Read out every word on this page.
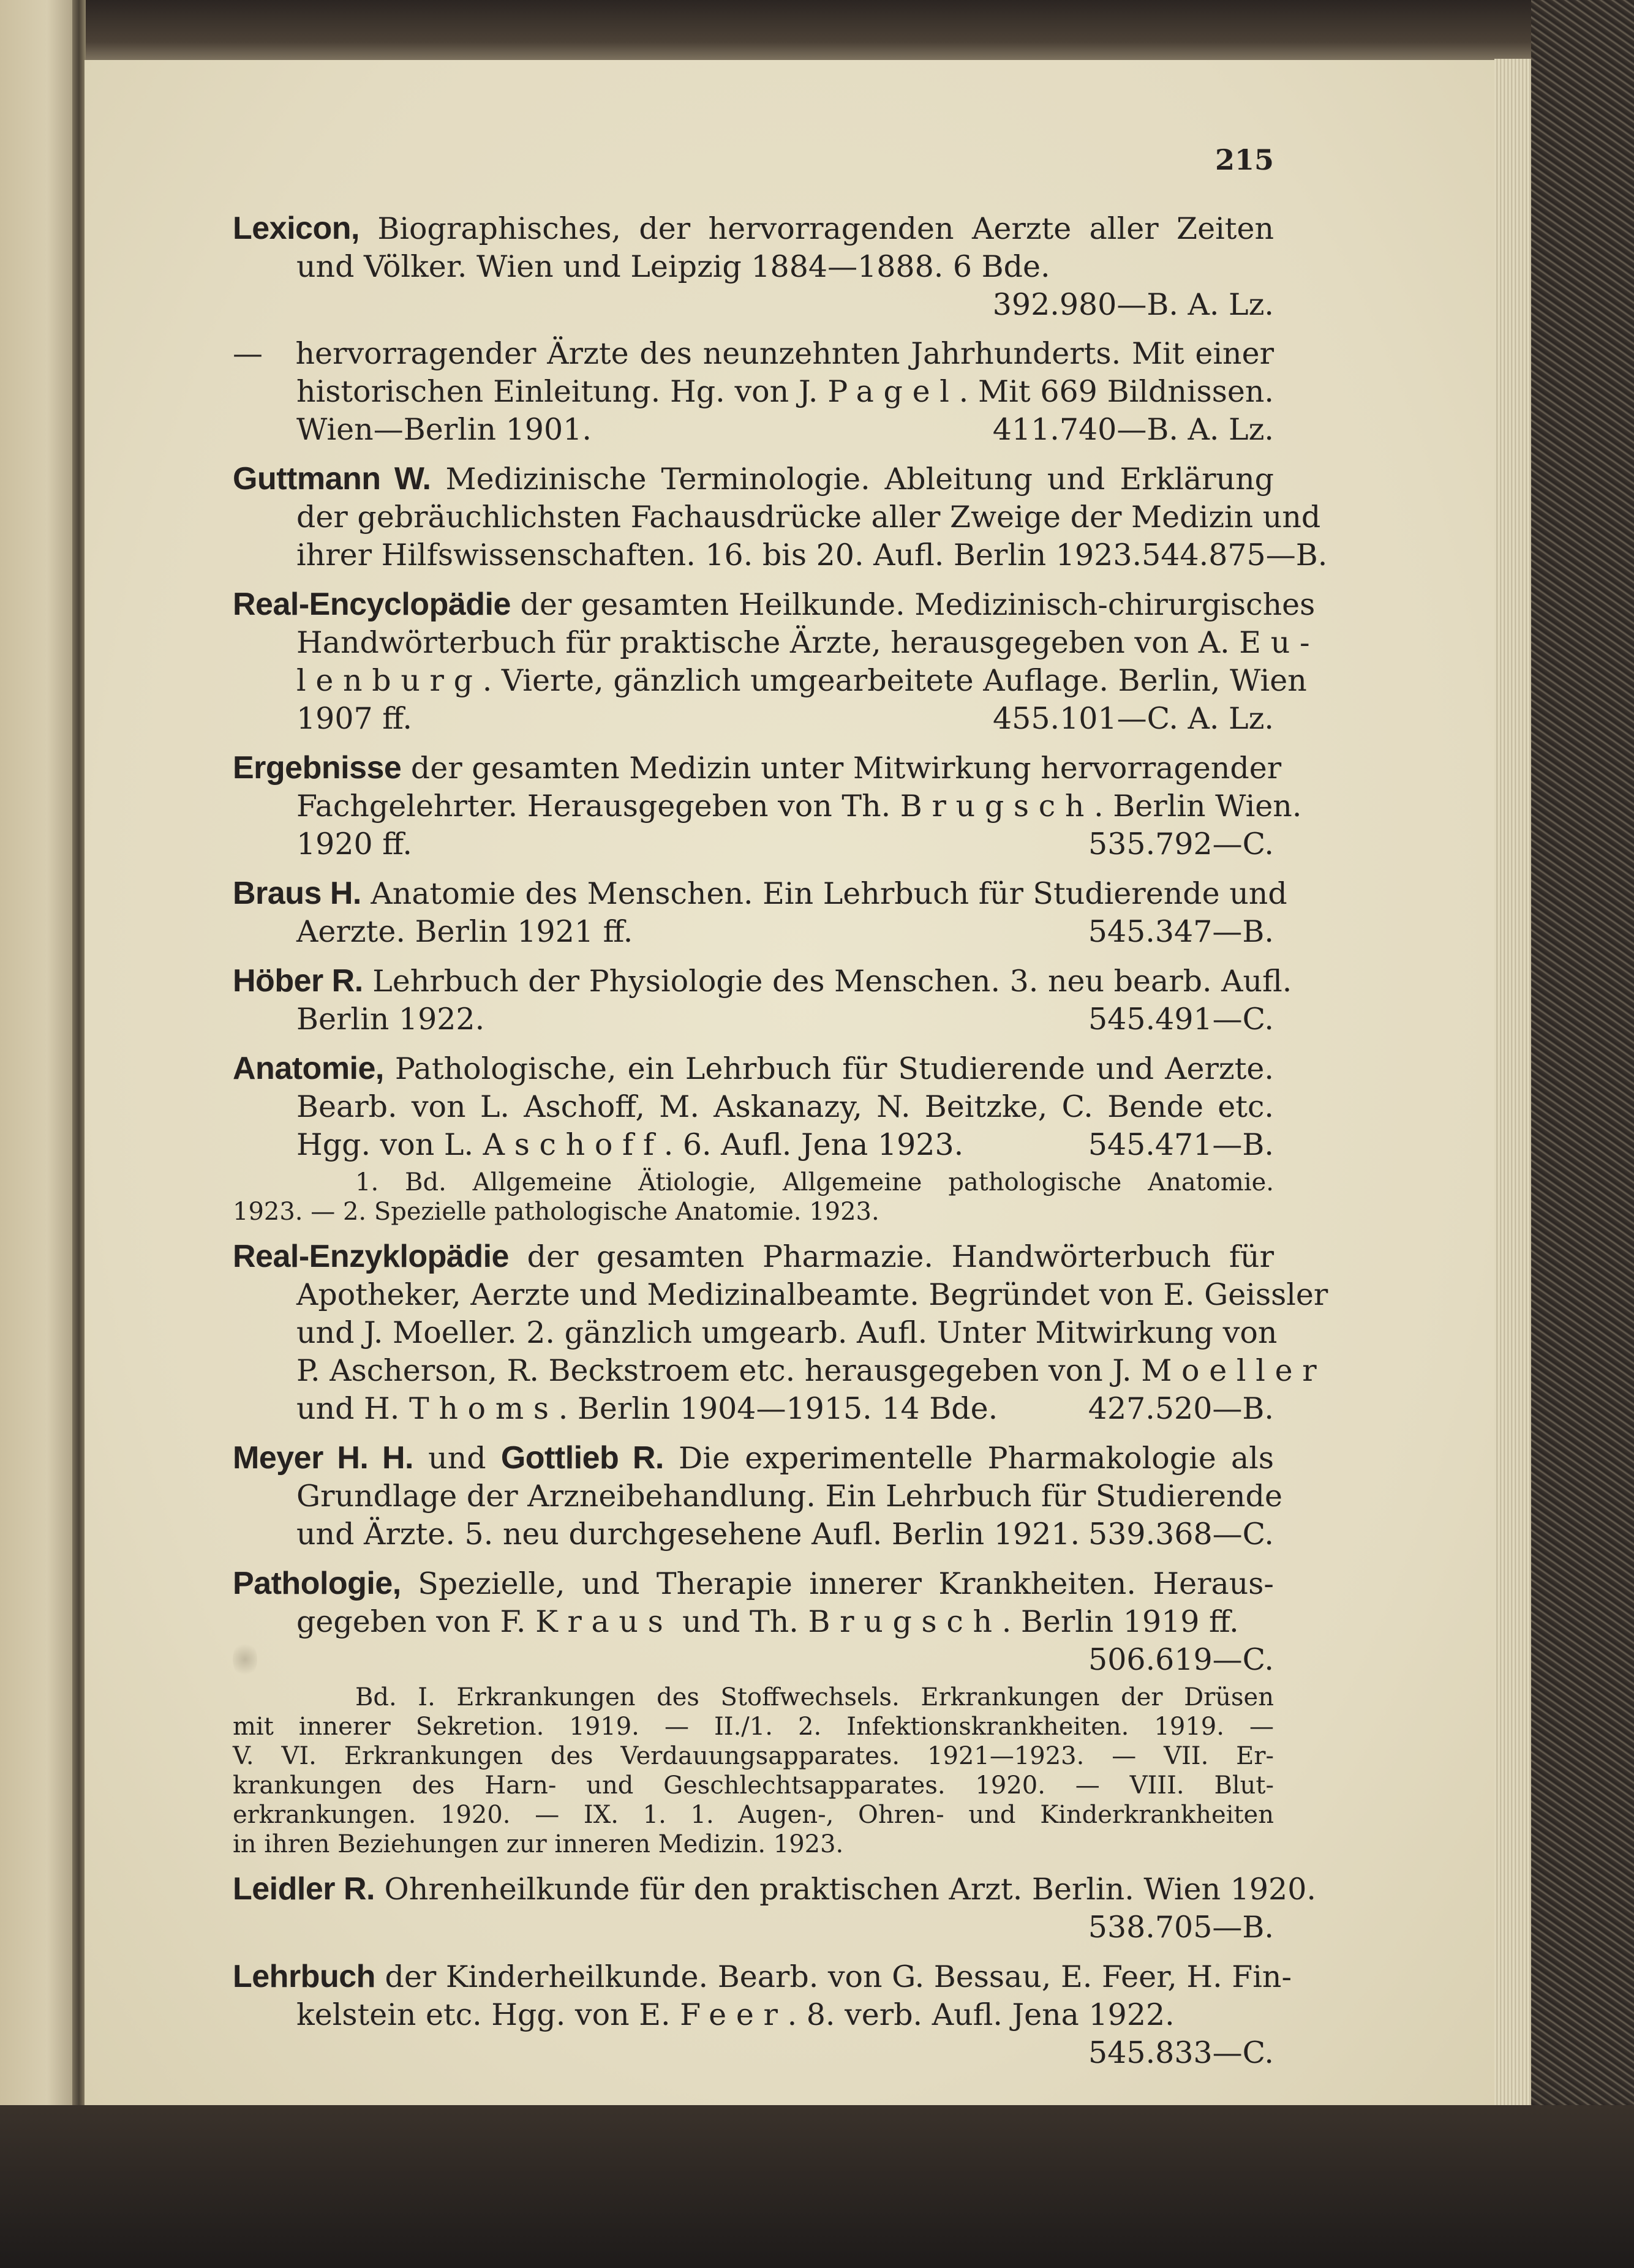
215
Lexicon, Biographisches, der hervorragenden Aerzte aller Zeiten
und Völker. Wien und Leipzig 1884—1888. 6 Bde.
392.980—B. A. Lz.
— hervorragender Ärzte des neunzehnten Jahrhunderts. Mit einer
historischen Einleitung. Hg. von J. Pagel. Mit 669 Bildnissen.
Wien—Berlin 1901.	411.740—B. A. Lz.
Guttmann W. Medizinische Terminologie. Ableitung und Erklärung
der gebräuchlichsten Fachausdrücke aller Zweige der Medizin und
ihrer Hilfswissenschaften. 16. bis 20. Aufl. Berlin 1923. 544.875—B.
Real-Encyclopädie der gesamten Heilkunde. Medizinisch-chirurgisches
Handwörterbuch für praktische Ärzte, herausgegeben von A. Eu-
lenburg. Vierte, gänzlich umgearbeitete Auflage. Berlin, Wien
1907 ff.	455.101—C. A. Lz.
Ergebnisse der gesamten Medizin unter Mitwirkung hervorragender
Fachgelehrter. Herausgegeben von Th. Brugsch. Berlin Wien.
1920 ff.	535.792—C.
Braus H. Anatomie des Menschen. Ein Lehrbuch für Studierende und
Aerzte. Berlin 1921 ff.	545.347—B.
Höber R. Lehrbuch der Physiologie des Menschen. 3. neu bearb. Aufl.
Berlin 1922.	545.491—C.
Anatomie, Pathologische, ein Lehrbuch für Studierende und Aerzte.
Bearb. von L. Aschoff, M. Askanazy, N. Beitzke, C. Bende etc.
Hgg. von L. Aschoff. 6. Aufl. Jena 1923.	545.471—B.
1. Bd. Allgemeine Ätiologie, Allgemeine pathologische Anatomie.
1923. — 2. Spezielle pathologische Anatomie. 1923.
Real-Enzyklopädie der gesamten Pharmazie. Handwörterbuch für
Apotheker, Aerzte und Medizinalbeamte. Begründet von E. Geissler
und J. Moeller. 2. gänzlich umgearb. Aufl. Unter Mitwirkung von
P. Ascherson, R. Beckstroem etc. herausgegeben von J. Moeller
und H. Thoms. Berlin 1904—1915. 14 Bde.	427.520—B.
Meyer H. H. und Gottlieb R. Die experimentelle Pharmakologie als
Grundlage der Arzneibehandlung. Ein Lehrbuch für Studierende
und Ärzte. 5. neu durchgesehene Aufl. Berlin 1921. 539.368—C.
Pathologie, Spezielle, und Therapie innerer Krankheiten. Heraus-
gegeben von F. Kraus und Th. Brugsch. Berlin 1919 ff.
506.619—C.
Bd. I. Erkrankungen des Stoffwechsels. Erkrankungen der Drüsen
mit innerer Sekretion. 1919. — II./1. 2. Infektionskrankheiten. 1919. —
V. VI. Erkrankungen des Verdauungsapparates. 1921—1923. — VII. Er-
krankungen des Harn- und Geschlechtsapparates. 1920. — VIII. Blut-
erkrankungen. 1920. — IX. 1. 1. Augen-, Ohren- und Kinderkrankheiten
in ihren Beziehungen zur inneren Medizin. 1923.
Leidler R. Ohrenheilkunde für den praktischen Arzt. Berlin. Wien 1920.
538.705—B.
Lehrbuch der Kinderheilkunde. Bearb. von G. Bessau, E. Feer, H. Fin-
kelstein etc. Hgg. von E. Feer. 8. verb. Aufl. Jena 1922.
545.833—C.
